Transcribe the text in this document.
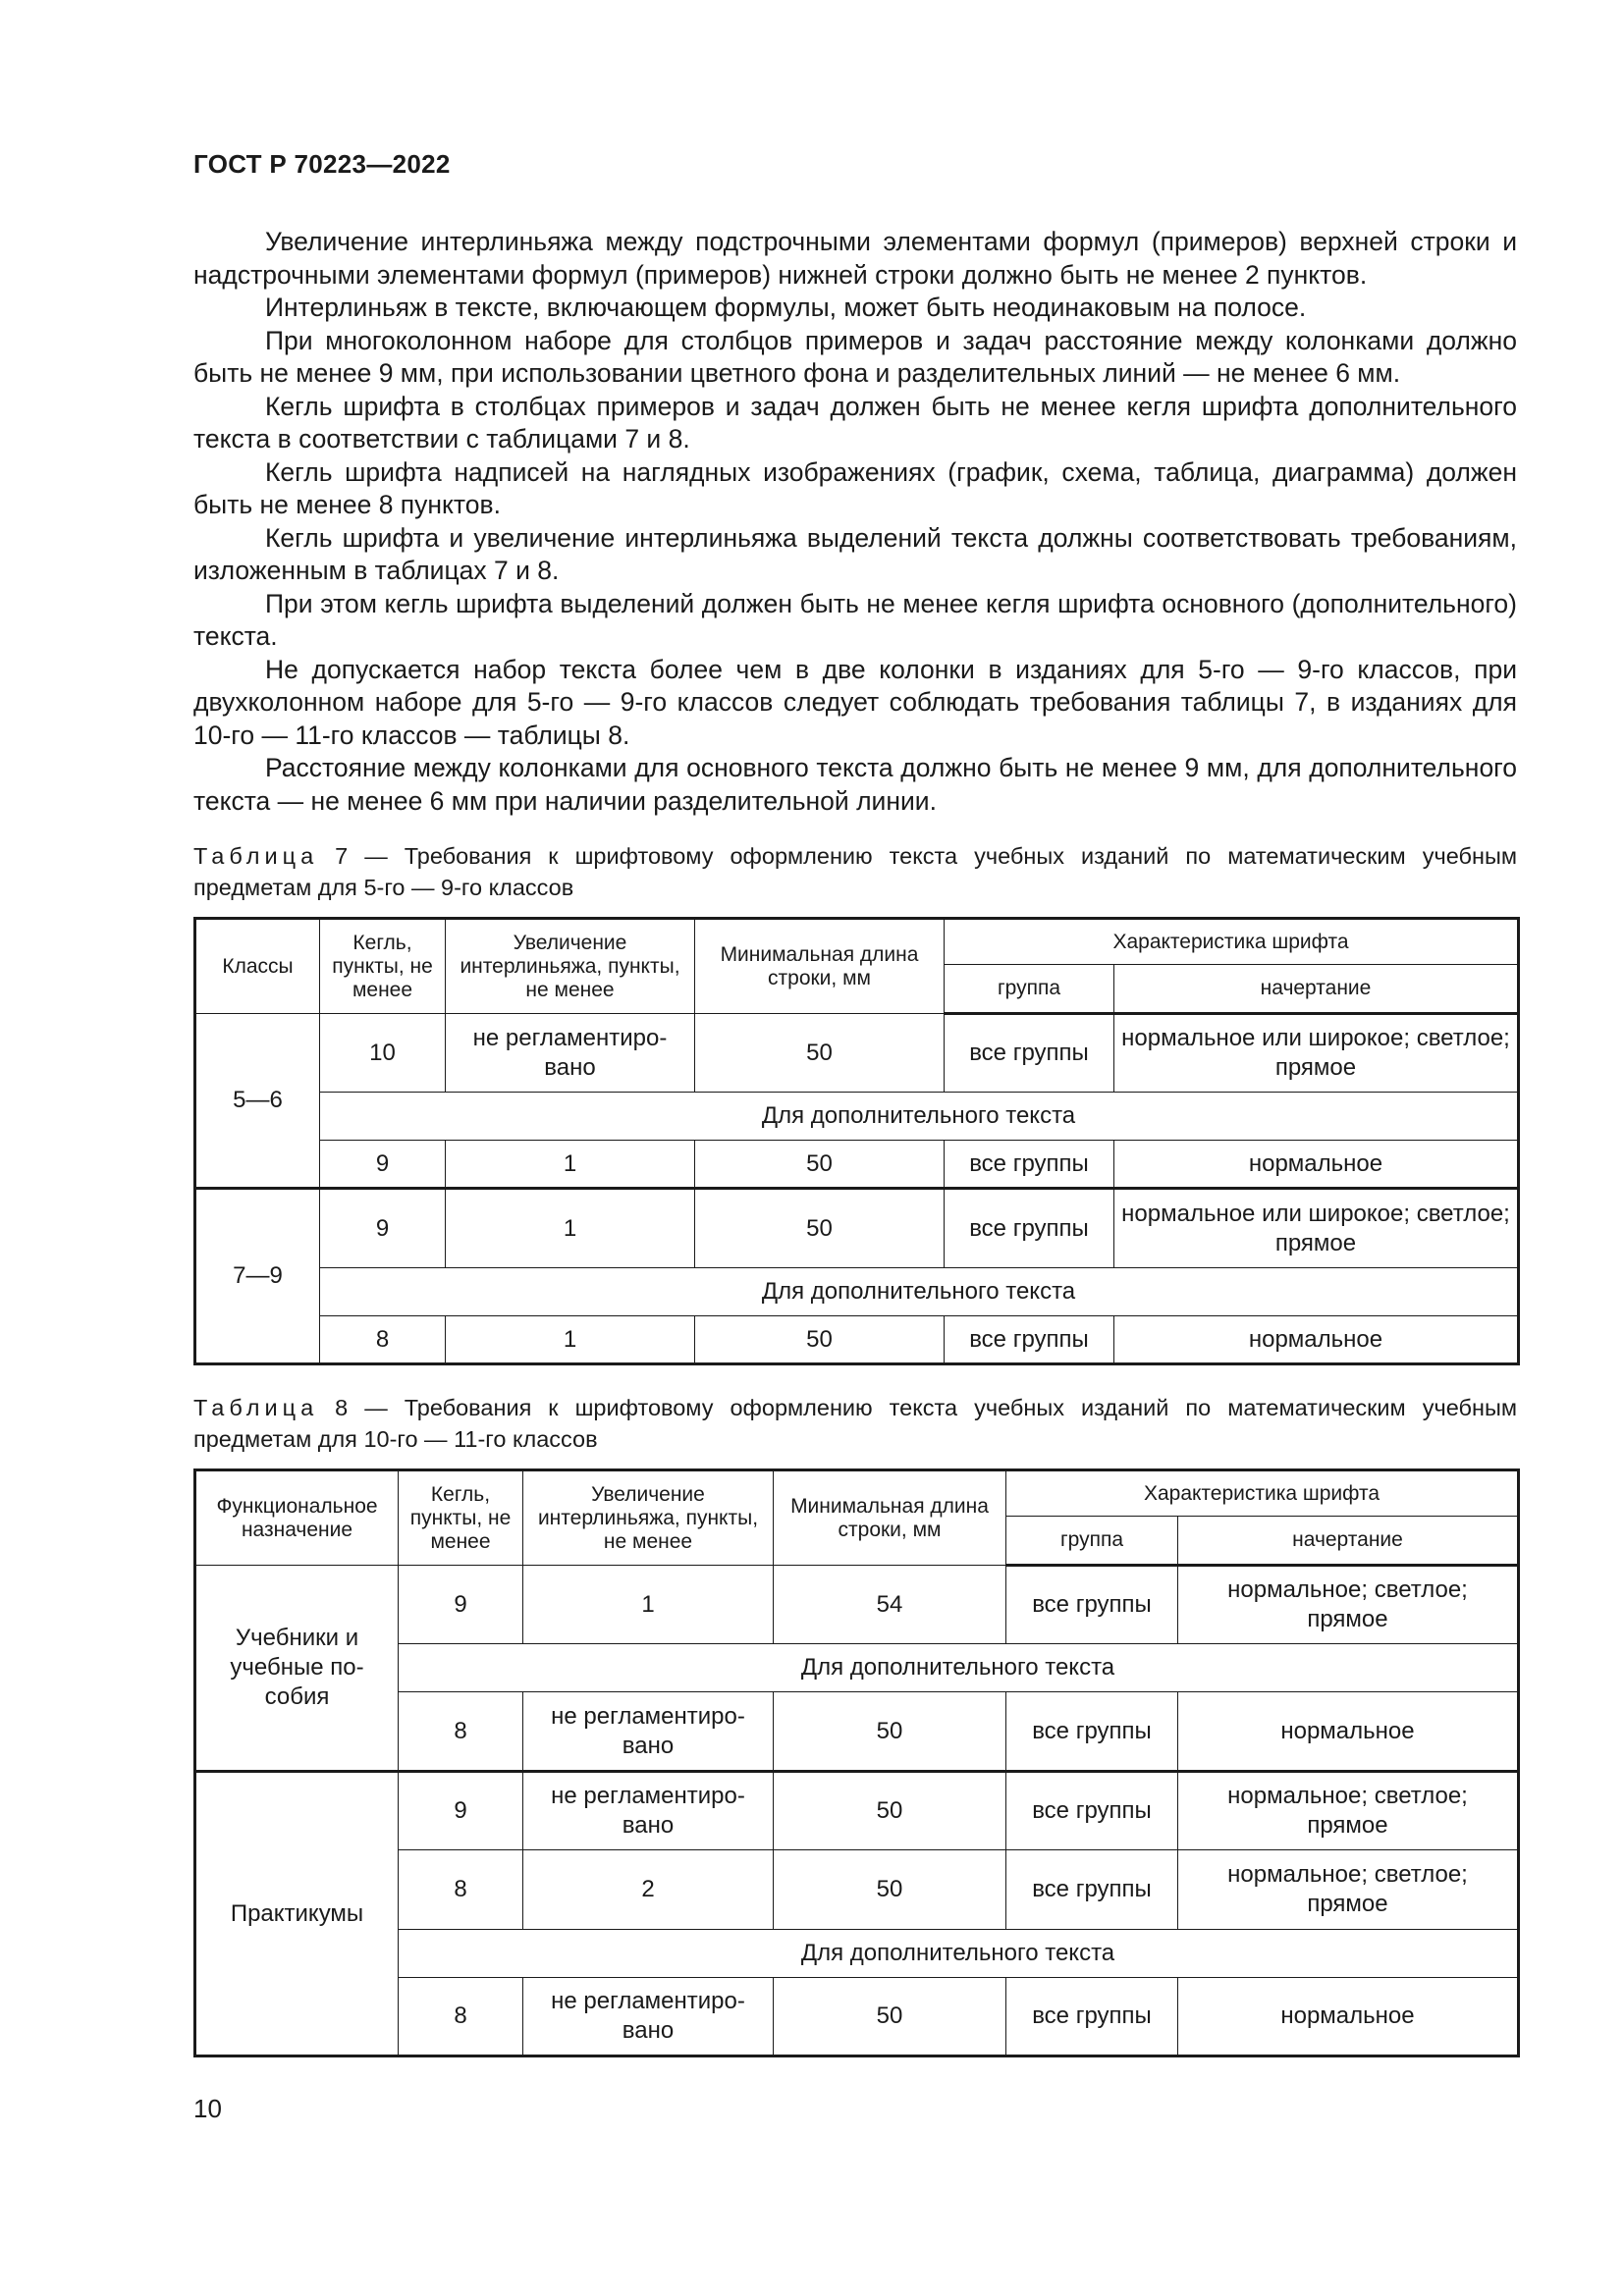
ГОСТ Р 70223—2022

Увеличение интерлиньяжа между подстрочными элементами формул (примеров) верхней строки и надстрочными элементами формул (примеров) нижней строки должно быть не менее 2 пунктов.

Интерлиньяж в тексте, включающем формулы, может быть неодинаковым на полосе.

При многоколонном наборе для столбцов примеров и задач расстояние между колонками должно быть не менее 9 мм, при использовании цветного фона и разделительных линий — не менее 6 мм.

Кегль шрифта в столбцах примеров и задач должен быть не менее кегля шрифта дополнительного текста в соответствии с таблицами 7 и 8.

Кегль шрифта надписей на наглядных изображениях (график, схема, таблица, диаграмма) должен быть не менее 8 пунктов.

Кегль шрифта и увеличение интерлиньяжа выделений текста должны соответствовать требованиям, изложенным в таблицах 7 и 8.

При этом кегль шрифта выделений должен быть не менее кегля шрифта основного (дополнительного) текста.

Не допускается набор текста более чем в две колонки в изданиях для 5-го — 9-го классов, при двухколонном наборе для 5-го — 9-го классов следует соблюдать требования таблицы 7, в изданиях для 10-го — 11-го классов — таблицы 8.

Расстояние между колонками для основного текста должно быть не менее 9 мм, для дополнительного текста — не менее 6 мм при наличии разделительной линии.

Таблица 7 — Требования к шрифтовому оформлению текста учебных изданий по математическим учебным предметам для 5-го — 9-го классов

Классы	Кегль, пункты, не менее	Увеличение интерлиньяжа, пункты, не менее	Минимальная длина строки, мм	Характеристика шрифта	
				группа	начертание
5—6	10	не регламентиро-вано	50	все группы	нормальное или широкое; светлое; прямое
	Для дополнительного текста				
	9	1	50	все группы	нормальное
7—9	9	1	50	все группы	нормальное или широкое; светлое; прямое
	Для дополнительного текста				
	8	1	50	все группы	нормальное

Таблица 8 — Требования к шрифтовому оформлению текста учебных изданий по математическим учебным предметам для 10-го — 11-го классов

Функциональное назначение	Кегль, пункты, не менее	Увеличение интерлиньяжа, пункты, не менее	Минимальная длина строки, мм	Характеристика шрифта	
				группа	начертание
Учебники и учебные по-собия	9	1	54	все группы	нормальное; светлое; прямое
	Для дополнительного текста				
	8	не регламентиро-вано	50	все группы	нормальное
Практикумы	9	не регламентиро-вано	50	все группы	нормальное; светлое; прямое
	8	2	50	все группы	нормальное; светлое; прямое
	Для дополнительного текста				
	8	не регламентиро-вано	50	все группы	нормальное
10
